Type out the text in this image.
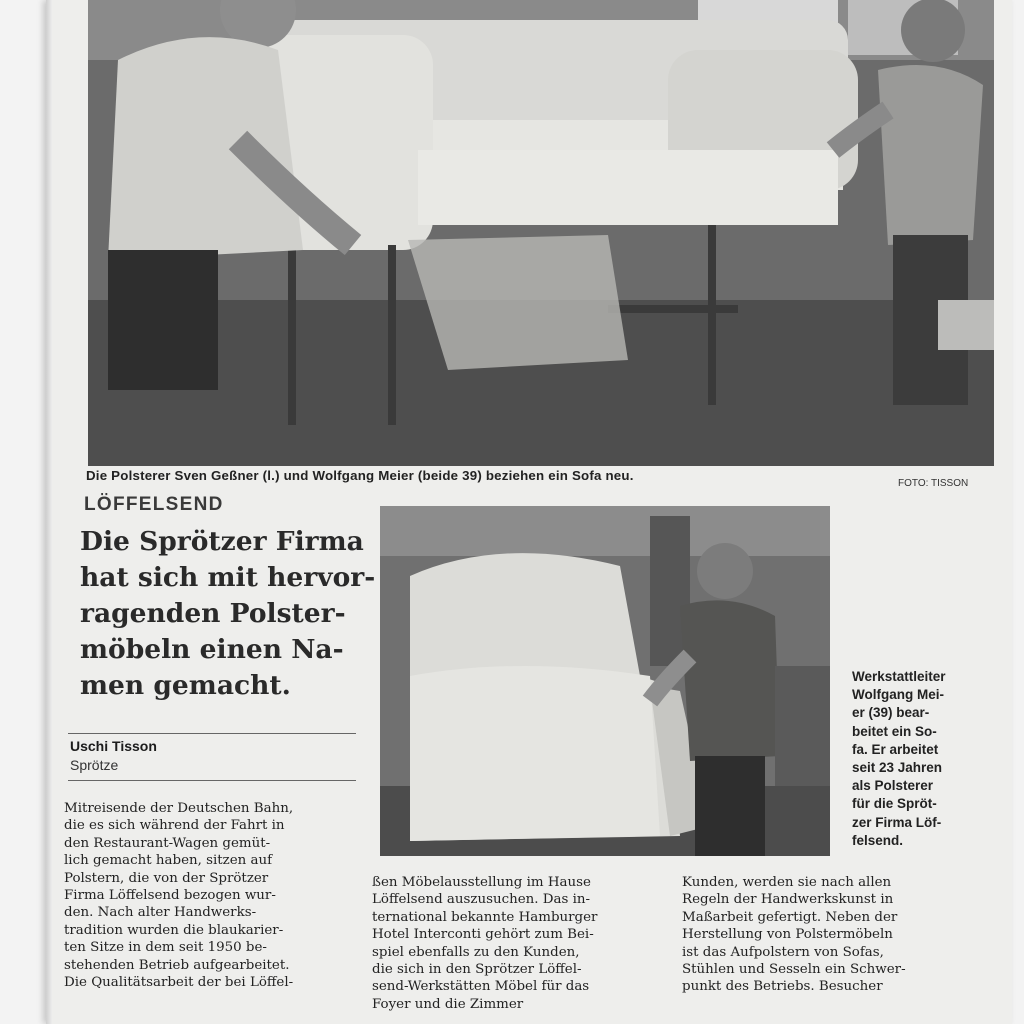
Die Polsterer Sven Geßner (l.) und Wolfgang Meier (beide 39) beziehen ein Sofa neu.
FOTO: TISSON
LÖFFELSEND
Die Sprötzer Firma
hat sich mit hervor-
ragenden Polster-
möbeln einen Na-
men gemacht.
Uschi Tisson
Sprötze
Werkstattleiter
Wolfgang Mei-
er (39) bear-
beitet ein So-
fa. Er arbeitet
seit 23 Jahren
als Polsterer
für die Spröt-
zer Firma Löf-
felsend.
Mitreisende der Deutschen Bahn,
die es sich während der Fahrt in
den Restaurant-Wagen gemüt-
lich gemacht haben, sitzen auf
Polstern, die von der Sprötzer
Firma Löffelsend bezogen wur-
den. Nach alter Handwerks-
tradition wurden die blaukarier-
ten Sitze in dem seit 1950 be-
stehenden Betrieb aufgearbeitet.
Die Qualitätsarbeit der bei Löffel-
ßen Möbelausstellung im Hause
Löffelsend auszusuchen. Das in-
ternational bekannte Hamburger
Hotel Interconti gehört zum Bei-
spiel ebenfalls zu den Kunden,
die sich in den Sprötzer Löffel-
send-Werkstätten Möbel für das
Foyer und die Zimmer
Kunden, werden sie nach allen
Regeln der Handwerkskunst in
Maßarbeit gefertigt. Neben der
Herstellung von Polstermöbeln
ist das Aufpolstern von Sofas,
Stühlen und Sesseln ein Schwer-
punkt des Betriebs. Besucher
